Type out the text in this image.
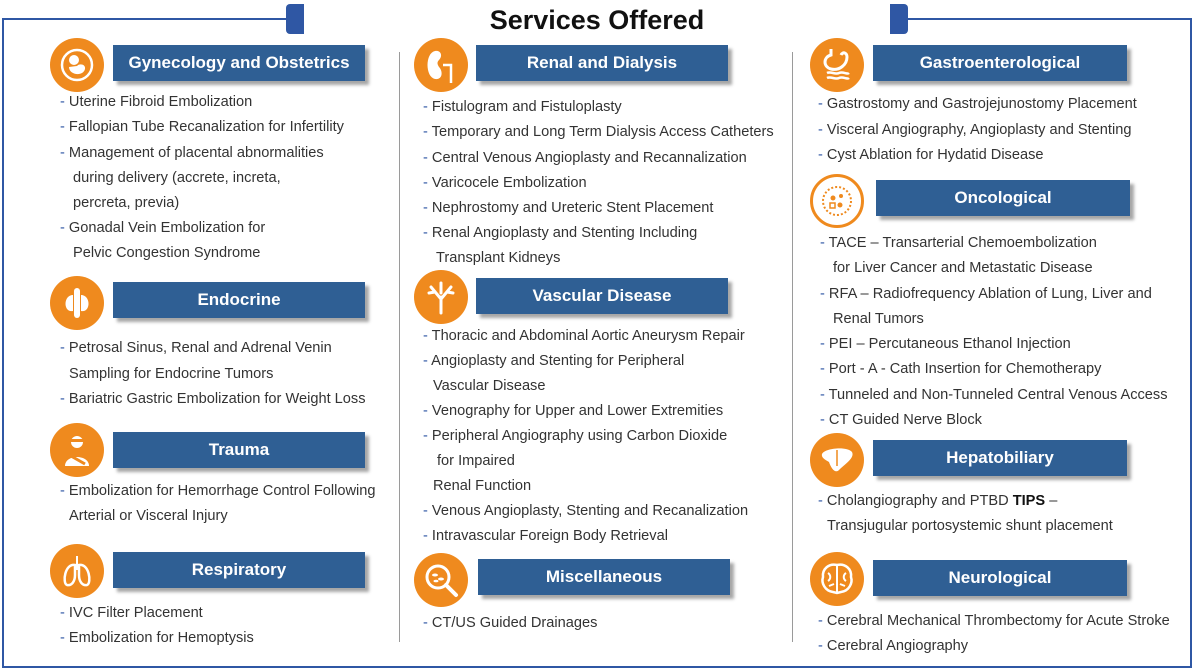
Services Offered
Gynecology and Obstetrics
- Uterine Fibroid Embolization
- Fallopian Tube Recanalization for Infertility
- Management of placental abnormalities
during delivery (accrete, increta,
percreta, previa)
- Gonadal Vein Embolization for
Pelvic Congestion Syndrome
Endocrine
- Petrosal Sinus, Renal and Adrenal Venin
Sampling for Endocrine Tumors
- Bariatric Gastric Embolization for Weight Loss
Trauma
- Embolization for Hemorrhage Control Following
Arterial or Visceral Injury
Respiratory
- IVC Filter Placement
- Embolization for Hemoptysis
Renal and Dialysis
- Fistulogram and Fistuloplasty
- Temporary and Long Term Dialysis Access Catheters
- Central Venous Angioplasty and Recannalization
- Varicocele Embolization
- Nephrostomy and Ureteric Stent Placement
- Renal Angioplasty and Stenting Including
Transplant Kidneys
Vascular Disease
- Thoracic and Abdominal Aortic Aneurysm Repair
- Angioplasty and Stenting for Peripheral
Vascular Disease
- Venography for Upper and Lower Extremities
- Peripheral Angiography using Carbon Dioxide
for Impaired
Renal Function
- Venous Angioplasty, Stenting and Recanalization
- Intravascular Foreign Body Retrieval
Miscellaneous
- CT/US Guided Drainages
Gastroenterological
- Gastrostomy and Gastrojejunostomy Placement
- Visceral Angiography, Angioplasty and Stenting
- Cyst Ablation for Hydatid Disease
Oncological
- TACE – Transarterial Chemoembolization
for Liver Cancer and Metastatic Disease
- RFA – Radiofrequency Ablation of Lung, Liver and
Renal Tumors
- PEI – Percutaneous Ethanol Injection
- Port - A - Cath Insertion for Chemotherapy
- Tunneled and Non-Tunneled Central Venous Access
- CT Guided Nerve Block
Hepatobiliary
- Cholangiography and PTBD TIPS –
Transjugular portosystemic shunt placement
Neurological
- Cerebral Mechanical Thrombectomy for Acute Stroke
- Cerebral Angiography
